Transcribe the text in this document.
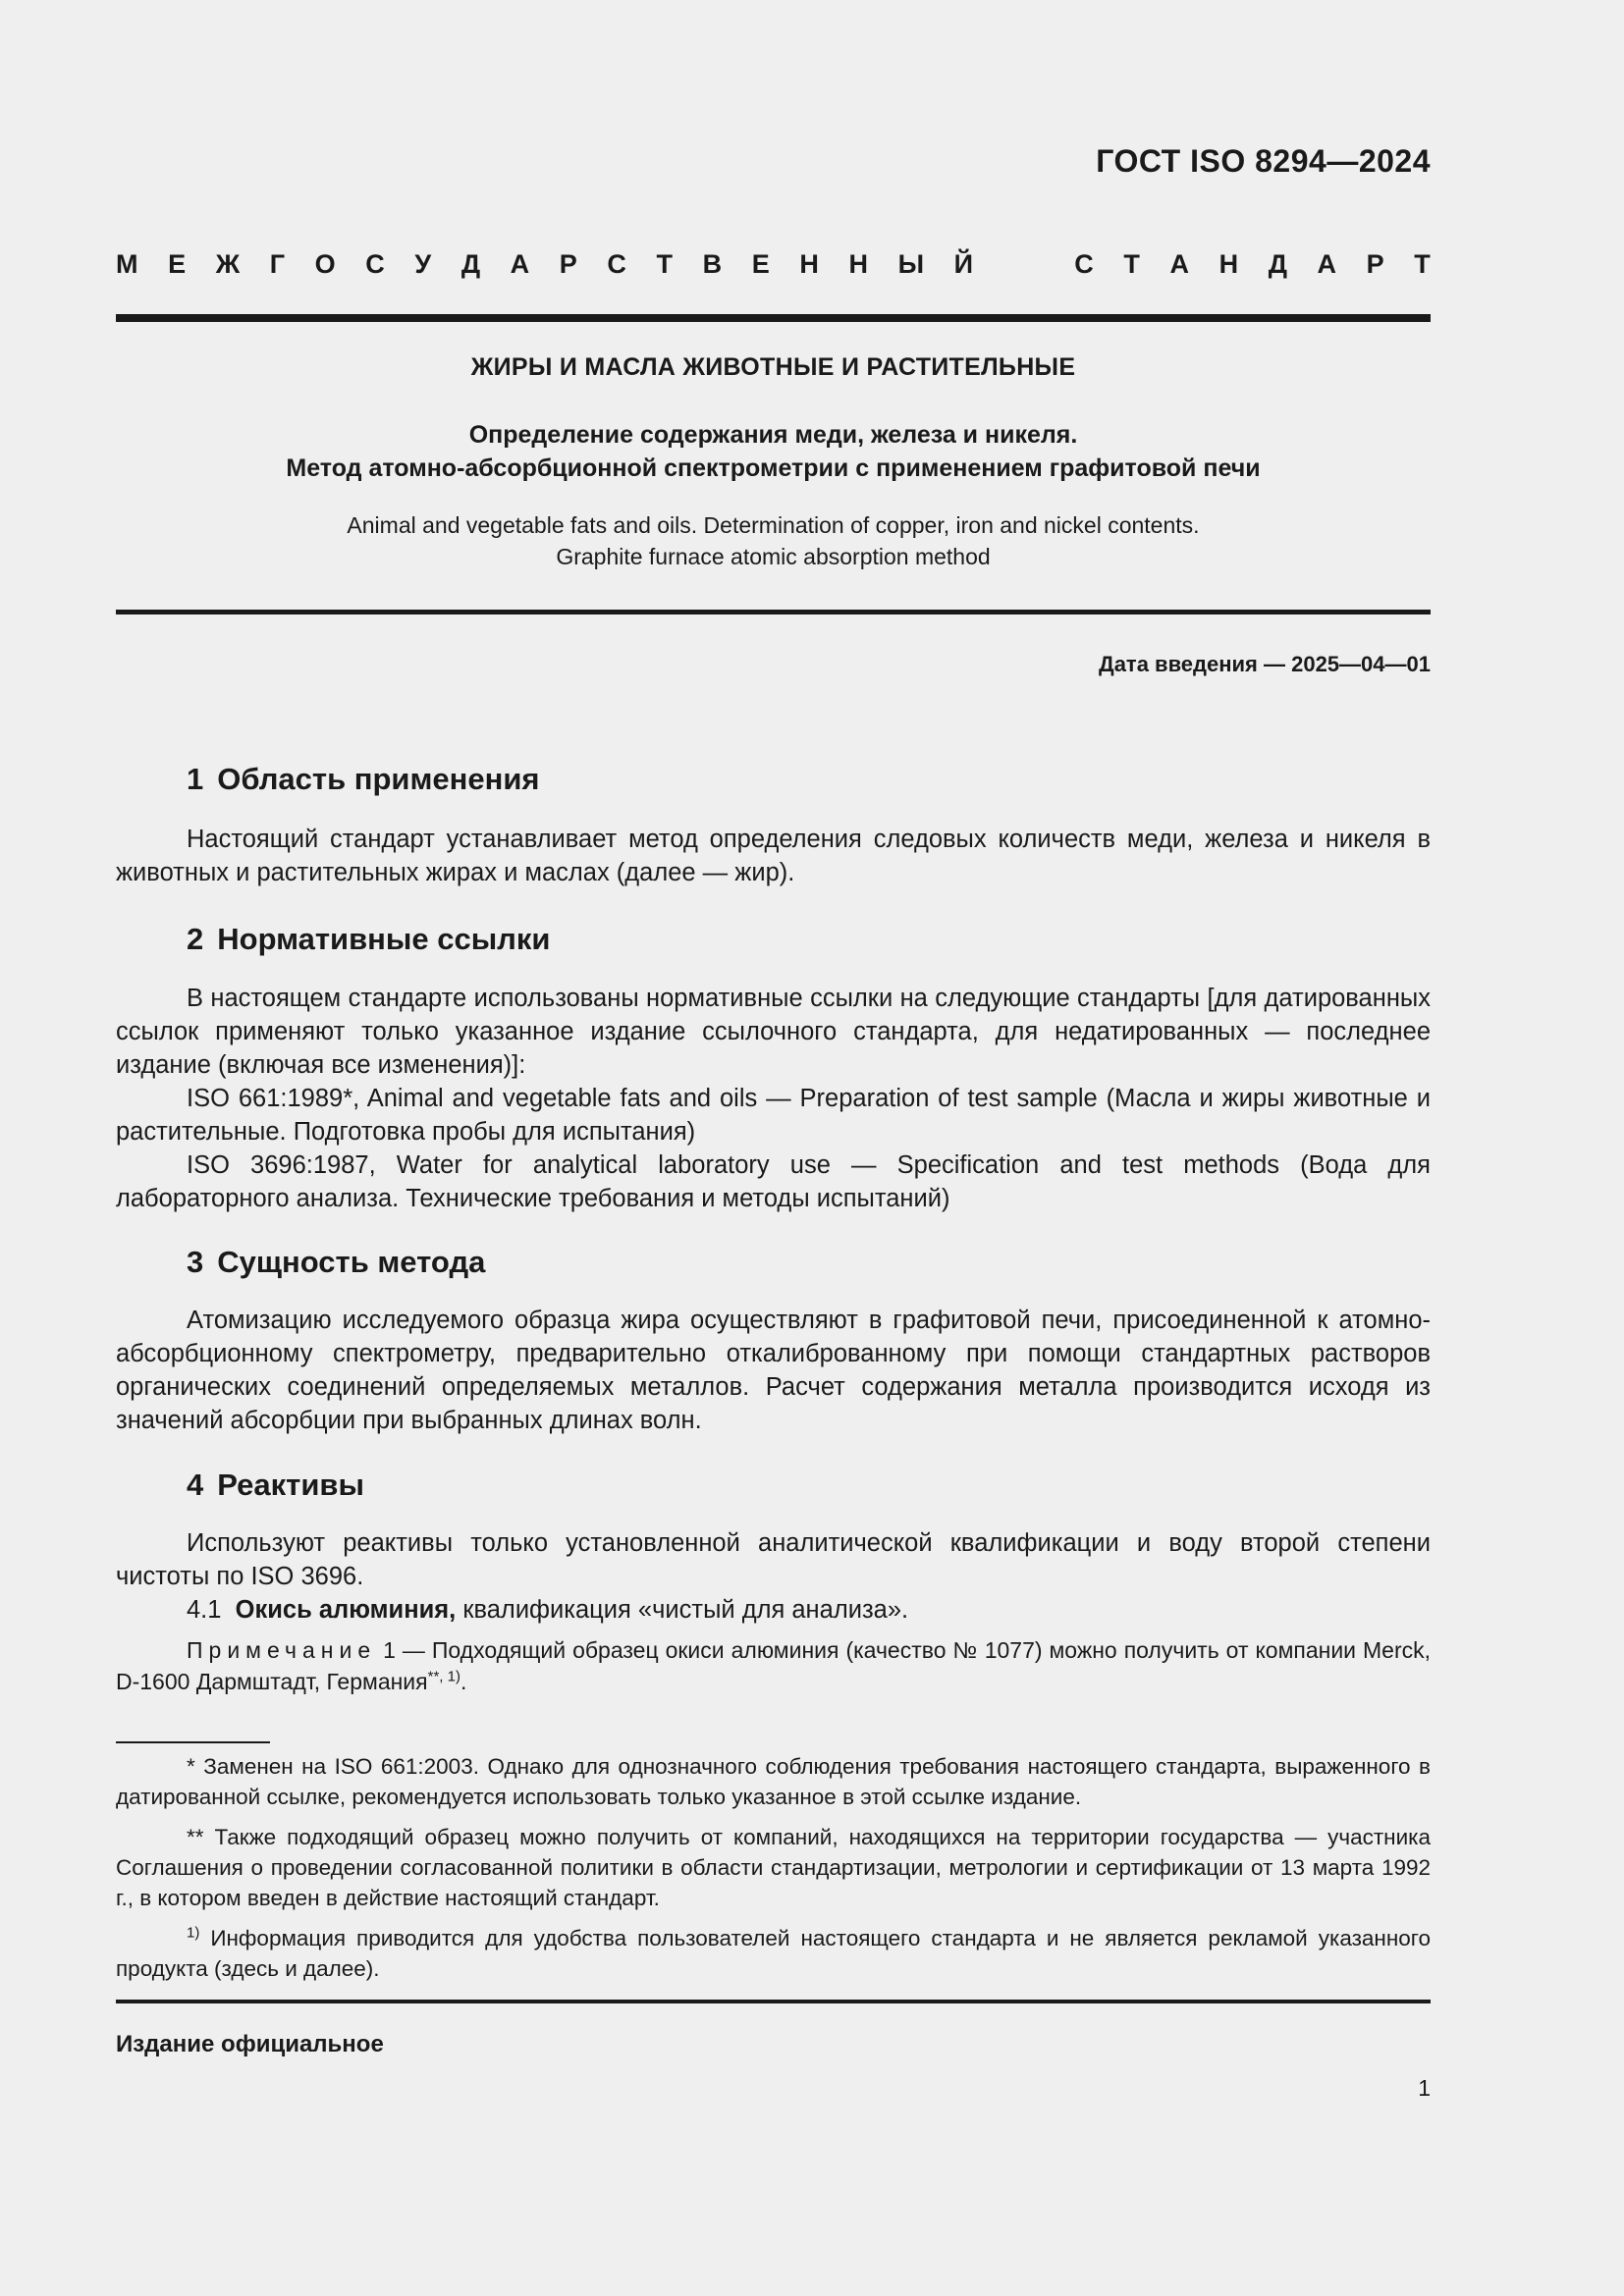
ГОСТ ISO 8294—2024
М Е Ж Г О С У Д А Р С Т В Е Н Н Ы Й	С Т А Н Д А Р Т
ЖИРЫ И МАСЛА ЖИВОТНЫЕ И РАСТИТЕЛЬНЫЕ
Определение содержания меди, железа и никеля.
Метод атомно-абсорбционной спектрометрии с применением графитовой печи
Animal and vegetable fats and oils. Determination of copper, iron and nickel contents.
Graphite furnace atomic absorption method
Дата введения — 2025—04—01
1 Область применения

Настоящий стандарт устанавливает метод определения следовых количеств меди, железа и никеля в животных и растительных жирах и маслах (далее — жир).

2 Нормативные ссылки

В настоящем стандарте использованы нормативные ссылки на следующие стандарты [для датированных ссылок применяют только указанное издание ссылочного стандарта, для недатированных — последнее издание (включая все изменения)]:

ISO 661:1989*, Animal and vegetable fats and oils — Preparation of test sample (Масла и жиры животные и растительные. Подготовка пробы для испытания)

ISO 3696:1987, Water for analytical laboratory use — Specification and test methods (Вода для лабораторного анализа. Технические требования и методы испытаний)

3 Сущность метода

Атомизацию исследуемого образца жира осуществляют в графитовой печи, присоединенной к атомно-абсорбционному спектрометру, предварительно откалиброванному при помощи стандартных растворов органических соединений определяемых металлов. Расчет содержания металла производится исходя из значений абсорбции при выбранных длинах волн.

4 Реактивы

Используют реактивы только установленной аналитической квалификации и воду второй степени чистоты по ISO 3696.

4.1 Окись алюминия, квалификация «чистый для анализа».

Примечание 1 — Подходящий образец окиси алюминия (качество № 1077) можно получить от компании Merck, D-1600 Дармштадт, Германия$^{**, 1)}$.

* Заменен на ISO 661:2003. Однако для однозначного соблюдения требования настоящего стандарта, выраженного в датированной ссылке, рекомендуется использовать только указанное в этой ссылке издание.

** Также подходящий образец можно получить от компаний, находящихся на территории государства — участника Соглашения о проведении согласованной политики в области стандартизации, метрологии и сертификации от 13 марта 1992 г., в котором введен в действие настоящий стандарт.

$^{1)}$ Информация приводится для удобства пользователей настоящего стандарта и не является рекламой указанного продукта (здесь и далее).

Издание официальное
1
